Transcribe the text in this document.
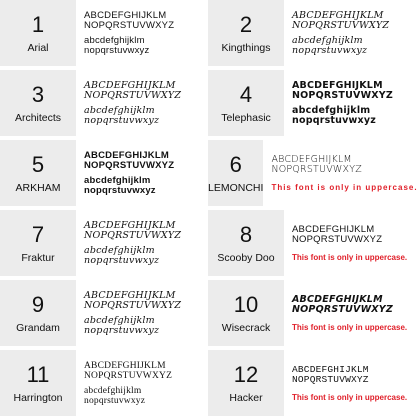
1
Arial
ABCDEFGHIJKLM
NOPQRSTUVWXYZ
abcdefghijklm
nopqrstuvwxyz
2
Kingthings
ABCDEFGHIJKLM
NOPQRSTUVWXYZ
abcdefghijklm
nopqrstuvwxyz
3
Architects
ABCDEFGHIJKLM
NOPQRSTUVWXYZ
abcdefghijklm
nopqrstuvwxyz
4
Telephasic
ABCDEFGHIJKLM
NOPQRSTUVWXYZ
abcdefghijklm
nopqrstuvwxyz
5
ARKHAM
ABCDEFGHIJKLM
NOPQRSTUVWXYZ
abcdefghijklm
nopqrstuvwxyz
6
LEMONCHI
ABCDEFGHIJKLM
NOPQRSTUVWXYZ
This font is only in uppercase.
7
Fraktur
ABCDEFGHIJKLM
NOPQRSTUVWXYZ
abcdefghijklm
nopqrstuvwxyz
8
Scooby Doo
ABCDEFGHIJKLM
NOPQRSTUVWXYZ
This font is only in uppercase.
9
Grandam
ABCDEFGHIJKLM
NOPQRSTUVWXYZ
abcdefghijklm
nopqrstuvwxyz
10
Wisecrack
ABCDEFGHIJKLM
NOPQRSTUVWXYZ
This font is only in uppercase.
11
Harrington
ABCDEFGHIJKLM
NOPQRSTUVWXYZ
abcdefghijklm
nopqrstuvwxyz
12
Hacker
ABCDEFGHIJKLM
NOPQRSTUVWXYZ
This font is only in uppercase.
